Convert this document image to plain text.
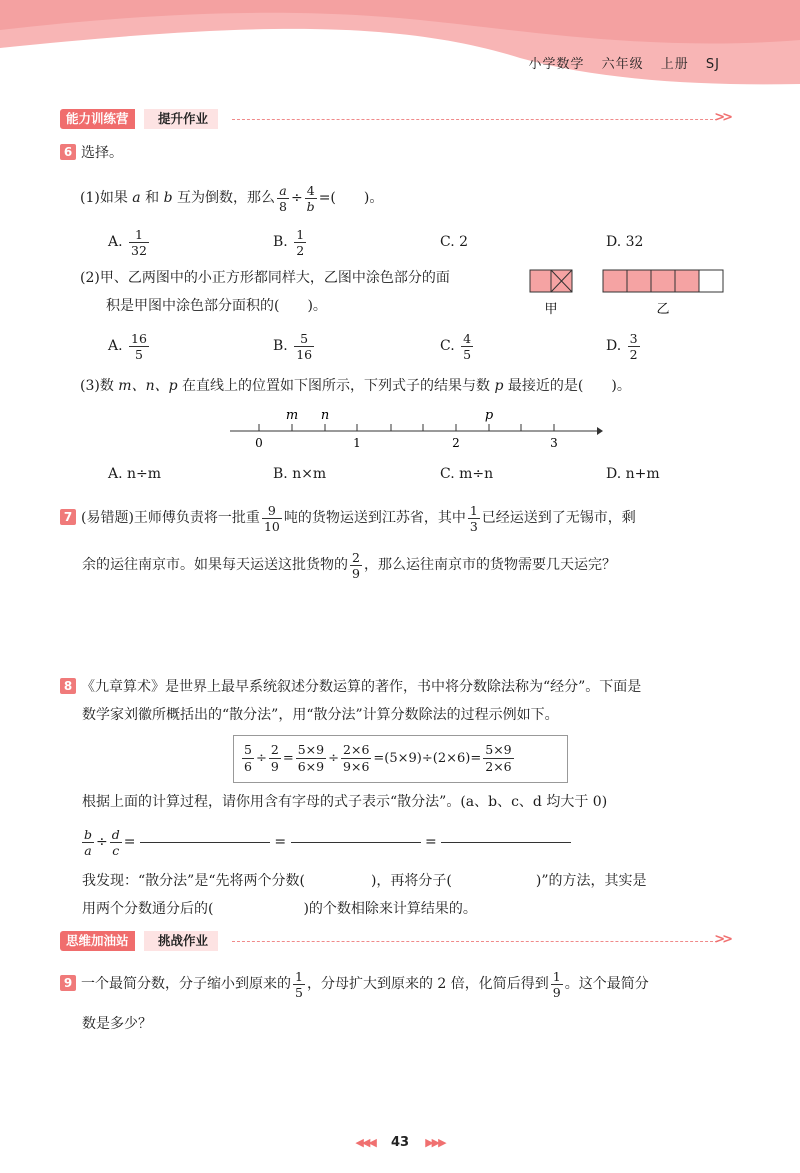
小学数学 六年级 上册 SJ
能力训练营	提升作业	>>
6 选择。
(1)如果 a 和 b 互为倒数，那么 $\frac{a}{8} \div \frac{4}{b}$ =(　　)。
A. $\frac{1}{32}$	B. $\frac{1}{2}$	C. 2	D. 32
(2)甲、乙两图中的小正方形都同样大，乙图中涂色部分的面
积是甲图中涂色部分面积的(　　)。	甲	乙
A. $\frac{16}{5}$	B. $\frac{5}{16}$	C. $\frac{4}{5}$	D. $\frac{3}{2}$
(3)数 m、n、p 在直线上的位置如下图所示，下列式子的结果与数 p 最接近的是(　　)。
0	1	2	3
m n	p
A. n÷m	B. n×m	C. m÷n	D. n+m
7 (易错题)王师傅负责将一批重 $\frac{9}{10}$ 吨的货物运送到江苏省，其中 $\frac{1}{3}$ 已经运送到了无锡市，剩
余的运往南京市。如果每天运送这批货物的 $\frac{2}{9}$ ，那么运往南京市的货物需要几天运完？
8 《九章算术》是世界上最早系统叙述分数运算的著作，书中将分数除法称为“经分”。下面是
数学家刘徽所概括出的“散分法”，用“散分法”计算分数除法的过程示例如下。
$\frac{5}{6} \div \frac{2}{9} = \frac{5\times 9}{6\times 9} \div \frac{2\times 6}{9\times 6} =(5\times 9)\div(2\times 6)= \frac{5\times 9}{2\times 6}$
根据上面的计算过程，请你用含有字母的式子表示“散分法”。(a、b、c、d 均大于 0)
$\frac{b}{a} \div \frac{d}{c}$ =	=	=
我发现：“散分法”是“先将两个分数(	)，再将分子(	)”的方法，其实是
用两个分数通分后的(	)的个数相除来计算结果的。
思维加油站	挑战作业	>>
9 一个最简分数，分子缩小到原来的 $\frac{1}{5}$ ，分母扩大到原来的 2 倍，化简后得到 $\frac{1}{9}$ 。这个最简分
数是多少？
◀◀◀ 43 ▶▶▶
